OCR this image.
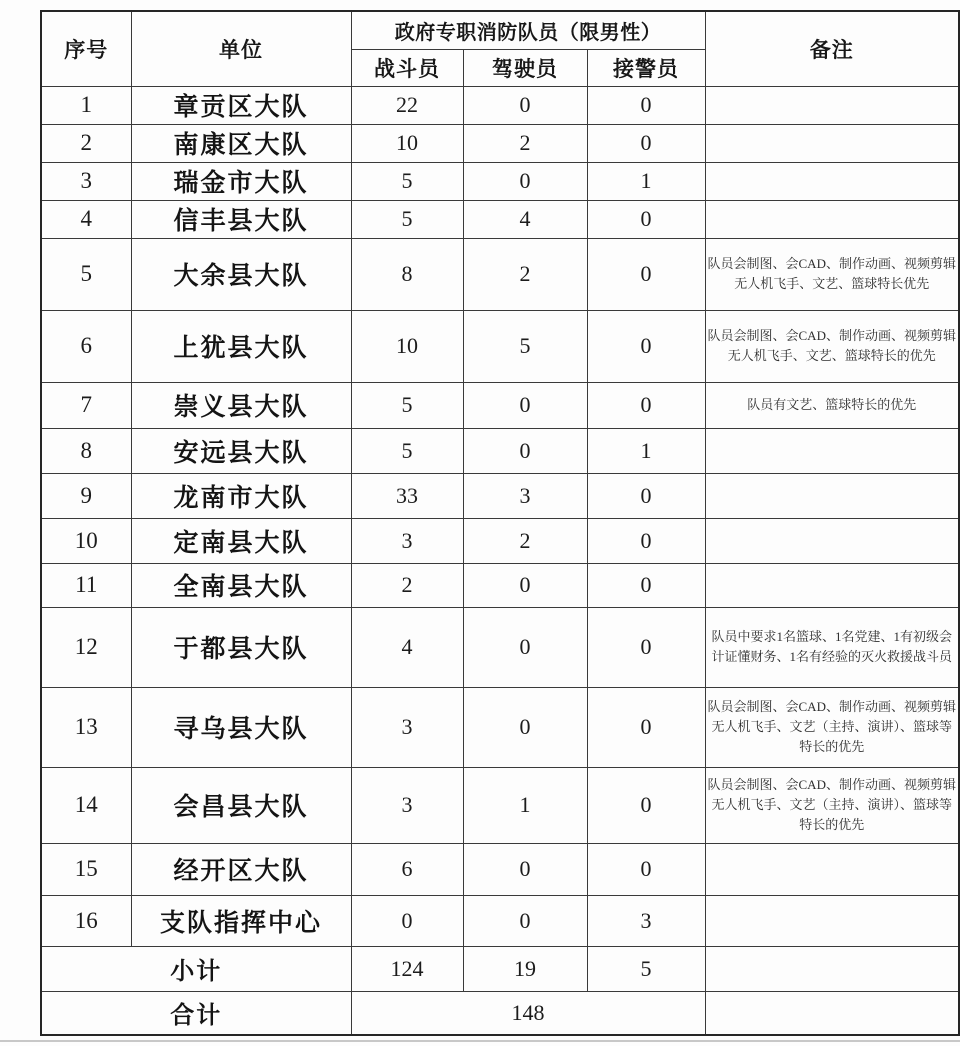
序号	单位	政府专职消防队员（限男性）			备注
		战斗员	驾驶员	接警员	
1	章贡区大队	22	0	0	
2	南康区大队	10	2	0	
3	瑞金市大队	5	0	1	
4	信丰县大队	5	4	0	
5	大余县大队	8	2	0	队员会制图、会CAD、制作动画、视频剪辑无人机飞手、文艺、篮球特长优先
6	上犹县大队	10	5	0	队员会制图、会CAD、制作动画、视频剪辑无人机飞手、文艺、篮球特长的优先
7	崇义县大队	5	0	0	队员有文艺、篮球特长的优先
8	安远县大队	5	0	1	
9	龙南市大队	33	3	0	
10	定南县大队	3	2	0	
11	全南县大队	2	0	0	
12	于都县大队	4	0	0	队员中要求1名篮球、1名党建、1有初级会计证懂财务、1名有经验的灭火救援战斗员
13	寻乌县大队	3	0	0	队员会制图、会CAD、制作动画、视频剪辑无人机飞手、文艺（主持、演讲）、篮球等特长的优先
14	会昌县大队	3	1	0	队员会制图、会CAD、制作动画、视频剪辑无人机飞手、文艺（主持、演讲）、篮球等特长的优先
15	经开区大队	6	0	0	
16	支队指挥中心	0	0	3	
小计		124	19	5	
合计		148			
